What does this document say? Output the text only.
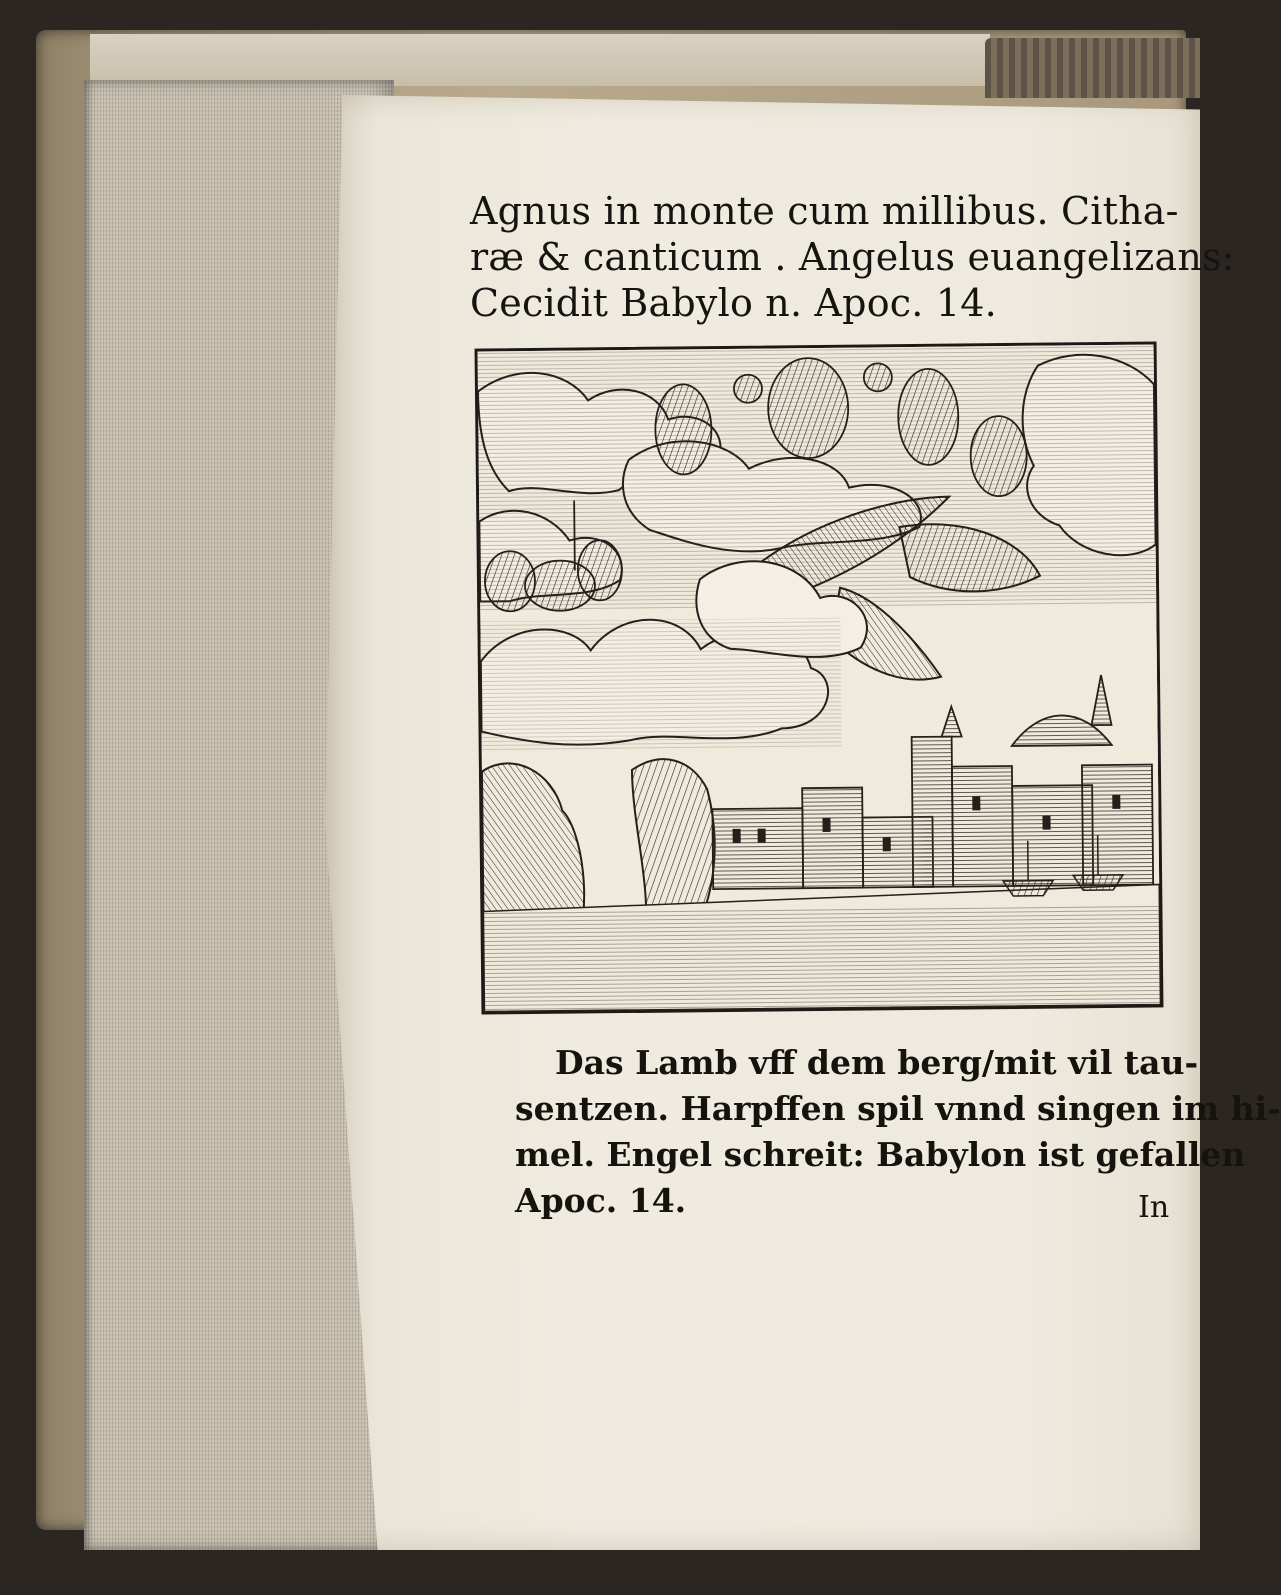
Agnus in monte cum millibus. Citha-
ræ & canticum . Angelus euangelizans:
Cecidit Babylo n. Apoc. 14.
Das Lamb vff dem berg/mit vil tau-
sentzen. Harpffen spil vnnd singen im hi-
mel. Engel schreit: Babylon ist gefallen
Apoc. 14.	In
